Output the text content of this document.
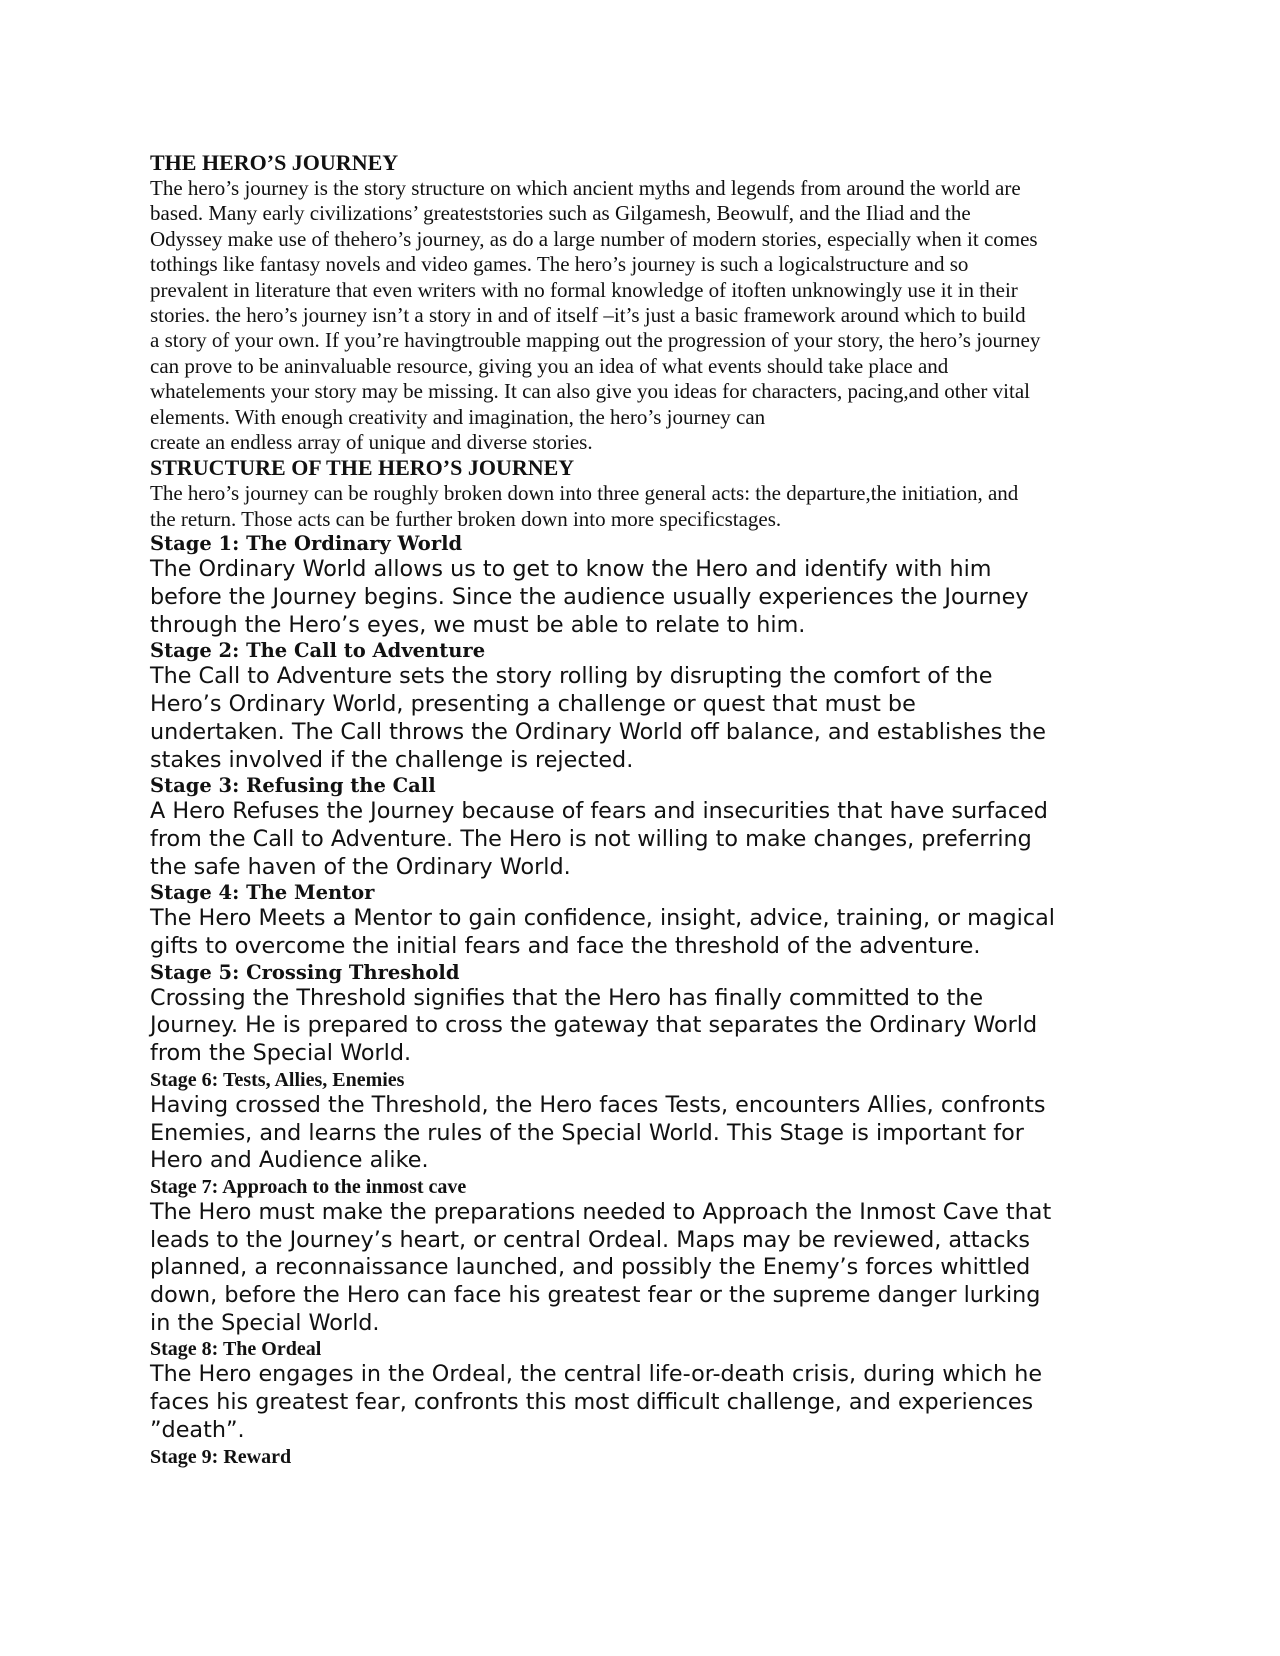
THE HERO’S JOURNEY

The hero’s journey is the story structure on which ancient myths and legends from around the world are
based. Many early civilizations’ greateststories such as Gilgamesh, Beowulf, and the Iliad and the
Odyssey make use of thehero’s journey, as do a large number of modern stories, especially when it comes
tothings like fantasy novels and video games. The hero’s journey is such a logicalstructure and so
prevalent in literature that even writers with no formal knowledge of itoften unknowingly use it in their
stories. the hero’s journey isn’t a story in and of itself –it’s just a basic framework around which to build
a story of your own. If you’re havingtrouble mapping out the progression of your story, the hero’s journey
can prove to be aninvaluable resource, giving you an idea of what events should take place and
whatelements your story may be missing. It can also give you ideas for characters, pacing,and other vital
elements. With enough creativity and imagination, the hero’s journey can
create an endless array of unique and diverse stories.

STRUCTURE OF THE HERO’S JOURNEY

The hero’s journey can be roughly broken down into three general acts: the departure,the initiation, and
the return. Those acts can be further broken down into more specificstages.

Stage 1: The Ordinary World

The Ordinary World allows us to get to know the Hero and identify with him
before the Journey begins. Since the audience usually experiences the Journey
through the Hero’s eyes, we must be able to relate to him.

Stage 2: The Call to Adventure

The Call to Adventure sets the story rolling by disrupting the comfort of the
Hero’s Ordinary World, presenting a challenge or quest that must be
undertaken. The Call throws the Ordinary World off balance, and establishes the
stakes involved if the challenge is rejected.

Stage 3: Refusing the Call

A Hero Refuses the Journey because of fears and insecurities that have surfaced
from the Call to Adventure. The Hero is not willing to make changes, preferring
the safe haven of the Ordinary World.

Stage 4: The Mentor

The Hero Meets a Mentor to gain confidence, insight, advice, training, or magical
gifts to overcome the initial fears and face the threshold of the adventure.

Stage 5: Crossing Threshold

Crossing the Threshold signifies that the Hero has finally committed to the
Journey. He is prepared to cross the gateway that separates the Ordinary World
from the Special World.

Stage 6: Tests, Allies, Enemies

Having crossed the Threshold, the Hero faces Tests, encounters Allies, confronts
Enemies, and learns the rules of the Special World. This Stage is important for
Hero and Audience alike.

Stage 7: Approach to the inmost cave

The Hero must make the preparations needed to Approach the Inmost Cave that
leads to the Journey’s heart, or central Ordeal. Maps may be reviewed, attacks
planned, a reconnaissance launched, and possibly the Enemy’s forces whittled
down, before the Hero can face his greatest fear or the supreme danger lurking
in the Special World.

Stage 8: The Ordeal

The Hero engages in the Ordeal, the central life-or-death crisis, during which he
faces his greatest fear, confronts this most difficult challenge, and experiences
”death”.

Stage 9: Reward
